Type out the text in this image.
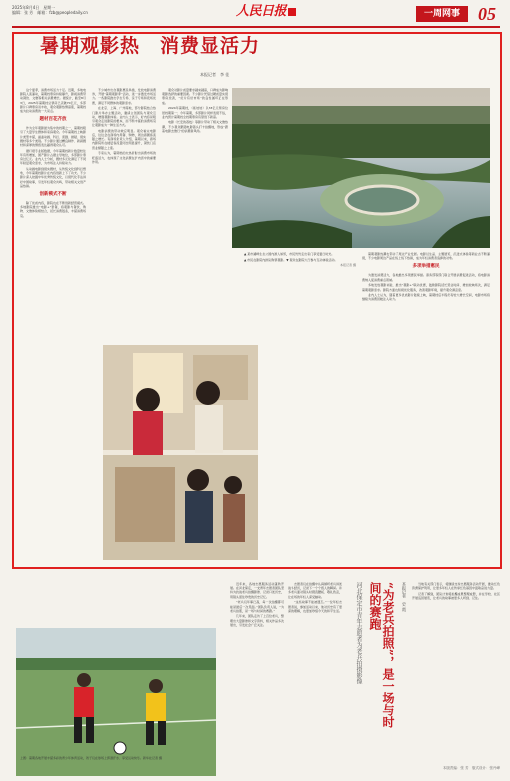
2025年8月4日　星期一
编辑：张 芳　邮箱：fzb@peopledaily.cn	人民日报	一周网事	05
暑期观影热　消费显活力
本报记者　李 佳

这个夏季，消费市场活力十足。近期，多地电影院人流涌动，暑期档票房持续攀升，影视消费带动餐饮、文旅等相关消费增长。据统计，截至8月3日，2025年暑期档总票房已突破70亿元，多部影片口碑票房双丰收，观众观影热情高涨，暑期档成为拉动消费的一大亮点。

题材百花齐放

作为全年观影最为集中的档期之一，暑期档吸引了大量学生群体和家庭观众。今年暑期档上映影片类型丰富，涵盖动画、科幻、喜剧、悬疑、现实题材等多个类别。不少影片通过精良制作、新颖题材和深厚的情感表达赢得观众认可。

据灯塔专业版数据，今年暑期档新片数量较往年有所增加，国产影片占据主导地位，多部影片票房过亿元。业内人士分析，题材多元化满足了不同年龄层观众需求，为市场注入持续动力。

从动画电影到现实题材，从传统文化到科幻想象，今年暑期档影片在内容创新上下了功夫。不少影片深入挖掘中华优秀传统文化，以现代化手法讲好中国故事，引发年轻观众共鸣，带动相关文创产品热销。

创新模式不断

除了优质内容，影院也在不断创新经营模式。多地影院推出“电影+”套餐，将观影与餐饮、购物、文旅体验相结合，延长消费链条，丰富消费场景。

不少城市出台观影惠民举措，发放电影消费券，开展“暑期观影季”活动，进一步激发市场活力。一些影院推出学生专场、亲子专场和夜场优惠，满足不同群体的观影需求。

在北京、上海、广州等地，部分影院结合热门影片举办主题活动，邀请主创团队与观众互动，增强观影体验。业内人士表示，好内容是吸引观众走进影院的根本，而不断丰富的消费场景让观影成为一种生活方式。

电影消费的带动效应明显。观众看完电影后，往往会在商场内用餐、购物，周边商圈客流随之增长。有商场负责人介绍，暑期以来，商场内影院所在楼层客流量同比明显提升，餐饮门店营业额随之上涨。

专家认为，暑期档的火热折射出消费市场的旺盛活力，也体现了文化消费在扩内需中的重要作用。

观众对影片质量要求越来越高，口碑成为影响观影选择的重要因素。不少影片凭借过硬质量实现票房逆袭，“好片有好市场”的良性循环正在形成。

2024年暑期档，《抓娃娃》以33亿元票房位居档期第一；今年暑期，多部影片同样表现不俗，业内预计暑期档全档期票房有望创下新高。

电影《长安的荔枝》等影片带动了相关文旅热潮，不少观众跟随电影镜头打卡拍摄地，形成“跟着电影去旅行”的消费新风尚。

▲ 某市湖畔生态公园内游人如织，市民纷纷走出家门享受夏日时光。

▲ 市民在影院内排队购票观影。▼ 观众在影院大厅参与互动体验活动。

本报记者 摄

暑期观影热潮也带动了周边产业发展。电影衍生品、主题展览、沉浸式体验等新业态不断涌现，不少电影周边产品在线上线下热销，成为年轻消费者追捧的对象。

多项举措惠民

为激发消费活力，各地推出多项惠民举措。商务部等部门联合开展消费促进活动，将电影消费纳入促消费重点领域。

多地发放观影补贴，推出“观影+”联动优惠，鼓励影院延长营业时间、增加放映场次，满足暑期观影需求。影院方面也积极优化服务，改善观影环境，提升观众满意度。

业内人士认为，随着更多优质影片陆续上映，暑期档后半程仍有较大增长空间，电影市场将继续为消费回暖注入动力。

上图：暑期各地开展丰富多彩的青少年体育活动，孩子们在球场上挥洒汗水、享受运动快乐。新华社记者 摄

近年来，各地志愿服务活动蓬勃开展。在河北保定，一支青年志愿者团队坚持为抗战老兵拍摄影像、记录口述历史，用镜头留住珍贵的历史记忆。

“老兵们年事已高，每一次拍摄都可能是最后一次见面。”团队负责人说，“为老兵拍照，是一场与时间的赛跑。”

几年来，团队走访了上百位老兵，整理出大量影像和文字资料，相关作品多次展出，引发社会广泛关注。

志愿者们在拍摄中认真倾听老兵讲述战斗经历，记录下一个个感人的瞬间。许多老兵面对镜头时挺直腰板、敬礼致意，让在场的年轻人深受触动。

“这些故事不能被遗忘。”一位年轻志愿者说，参加活动以来，他对历史有了更深的理解，也更加珍惜今天的和平生活。	河北保定市青年志愿者为老兵拍摄影像	“为老兵拍照”，是一场与时间的赛跑	本报记者　史 霞	当地有关部门表示，将继续支持志愿服务活动开展，推动红色资源保护利用，让更多年轻人在传承红色基因中汲取奋进力量。

记者了解到，团队计划将拍摄成果整理成册，并在学校、社区开展巡回展览，让老兵的故事被更多人听到、记住。

本版责编：张 芳　版式设计：张丹峰
